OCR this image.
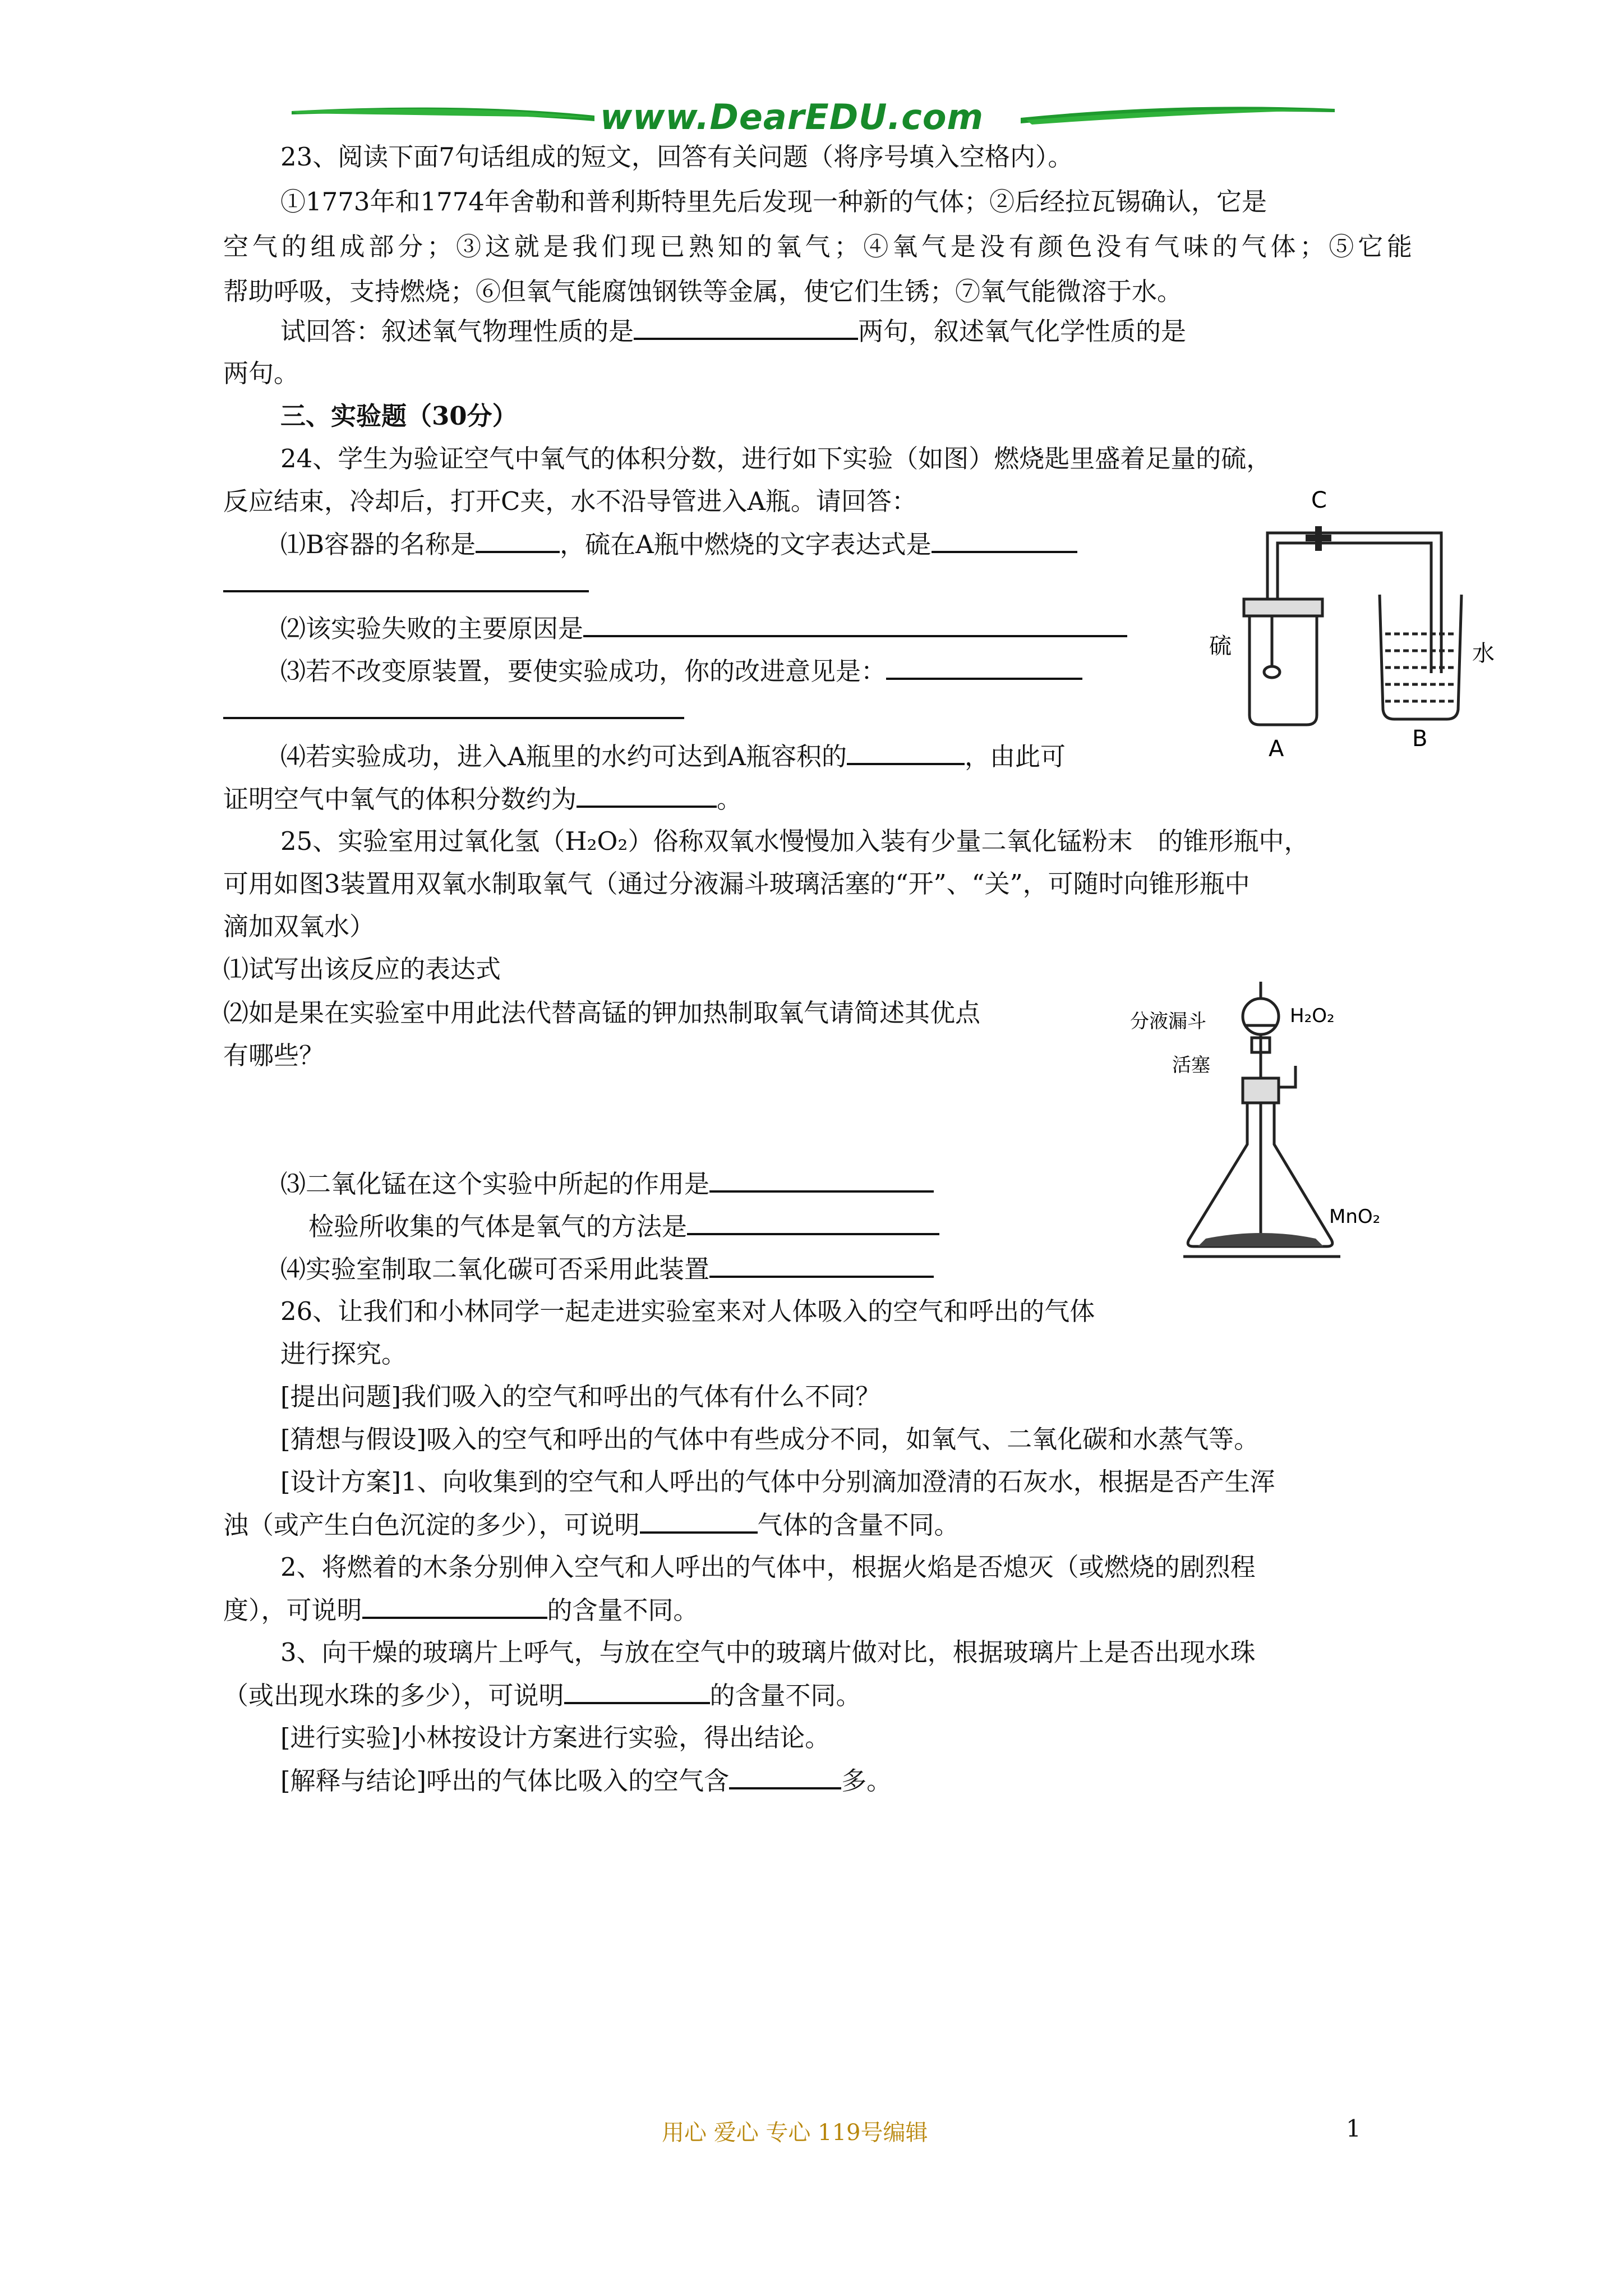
www.DearEDU.com
23、阅读下面7句话组成的短文，回答有关问题（将序号填入空格内）。
①1773年和1774年舍勒和普利斯特里先后发现一种新的气体；②后经拉瓦锡确认，它是
空气的组成部分；③这就是我们现已熟知的氧气；④氧气是没有颜色没有气味的气体；⑤它能
帮助呼吸，支持燃烧；⑥但氧气能腐蚀钢铁等金属，使它们生锈；⑦氧气能微溶于水。
试回答：叙述氧气物理性质的是	两句，叙述氧气化学性质的是
两句。
三、实验题（30分）
24、学生为验证空气中氧气的体积分数，进行如下实验（如图）燃烧匙里盛着足量的硫，
反应结束，冷却后，打开C夹，水不沿导管进入A瓶。请回答：
⑴B容器的名称是	，硫在A瓶中燃烧的文字表达式是
⑵该实验失败的主要原因是
⑶若不改变原装置，要使实验成功，你的改进意见是：
⑷若实验成功，进入A瓶里的水约可达到A瓶容积的	，由此可
证明空气中氧气的体积分数约为	。
C
硫	水
A	B
25、实验室用过氧化氢（H₂O₂）俗称双氧水慢慢加入装有少量二氧化锰粉末　的锥形瓶中，
可用如图3装置用双氧水制取氧气（通过分液漏斗玻璃活塞的“开”、“关”，可随时向锥形瓶中
滴加双氧水）
⑴试写出该反应的表达式
⑵如是果在实验室中用此法代替高锰的钾加热制取氧气请简述其优点
有哪些？
⑶二氧化锰在这个实验中所起的作用是
检验所收集的气体是氧气的方法是
⑷实验室制取二氧化碳可否采用此装置
分液漏斗	H₂O₂
活塞
MnO₂
26、让我们和小林同学一起走进实验室来对人体吸入的空气和呼出的气体
进行探究。
[提出问题]我们吸入的空气和呼出的气体有什么不同？
[猜想与假设]吸入的空气和呼出的气体中有些成分不同，如氧气、二氧化碳和水蒸气等。
[设计方案]1、向收集到的空气和人呼出的气体中分别滴加澄清的石灰水，根据是否产生浑
浊（或产生白色沉淀的多少），可说明	气体的含量不同。
2、将燃着的木条分别伸入空气和人呼出的气体中，根据火焰是否熄灭（或燃烧的剧烈程
度），可说明	的含量不同。
3、向干燥的玻璃片上呼气，与放在空气中的玻璃片做对比，根据玻璃片上是否出现水珠
（或出现水珠的多少），可说明	的含量不同。
[进行实验]小林按设计方案进行实验，得出结论。
[解释与结论]呼出的气体比吸入的空气含	多。
用心 爱心 专心 119号编辑	1
